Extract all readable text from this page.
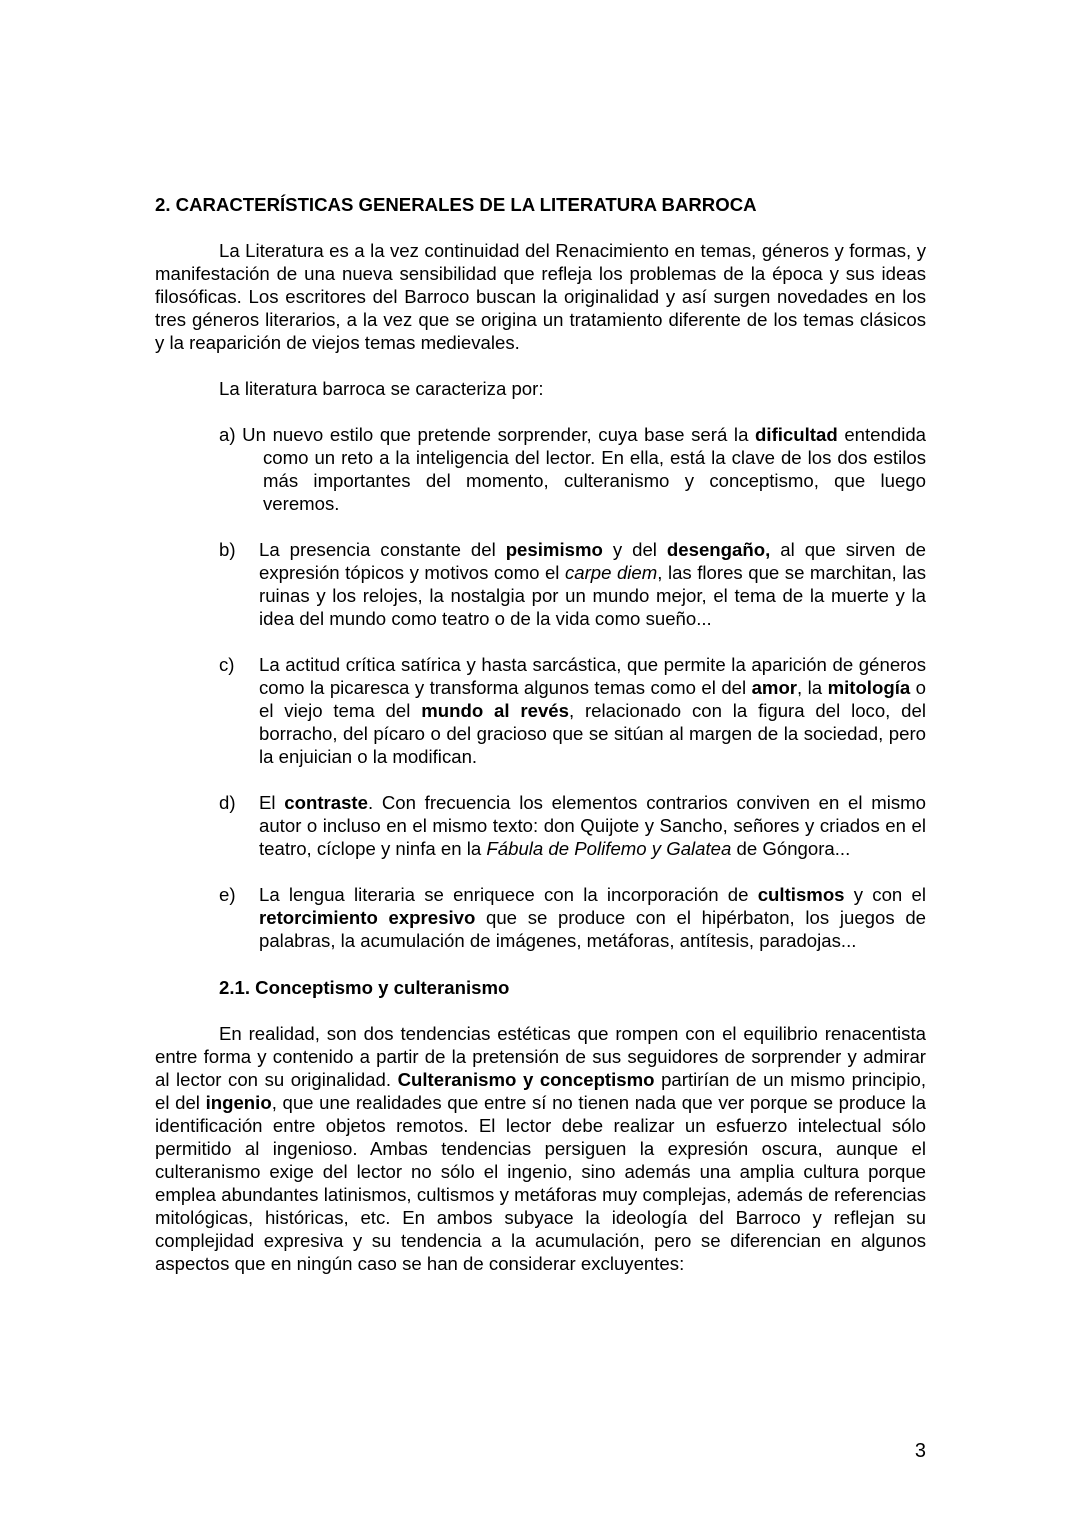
2. CARACTERÍSTICAS GENERALES DE LA LITERATURA BARROCA

La Literatura es a la vez continuidad del Renacimiento en temas, géneros y formas, y manifestación de una nueva sensibilidad que refleja los problemas de la época y sus ideas filosóficas. Los escritores del Barroco buscan la originalidad y así surgen novedades en los tres géneros literarios, a la vez que se origina un tratamiento diferente de los temas clásicos y la reaparición de viejos temas medievales.

La literatura barroca se caracteriza por:

a) Un nuevo estilo que pretende sorprender, cuya base será la dificultad entendida como un reto a la inteligencia del lector. En ella, está la clave de los dos estilos más importantes del momento, culteranismo y conceptismo, que luego veremos.
b)	La presencia constante del pesimismo y del desengaño, al que sirven de expresión tópicos y motivos como el carpe diem, las flores que se marchitan, las ruinas y los relojes, la nostalgia por un mundo mejor, el tema de la muerte y la idea del mundo como teatro o de la vida como sueño...
c)	La actitud crítica satírica y hasta sarcástica, que permite la aparición de géneros como la picaresca y transforma algunos temas como el del amor, la mitología o el viejo tema del mundo al revés, relacionado con la figura del loco, del borracho, del pícaro o del gracioso que se sitúan al margen de la sociedad, pero la enjuician o la modifican.
d)	El contraste. Con frecuencia los elementos contrarios conviven en el mismo autor o incluso en el mismo texto: don Quijote y Sancho, señores y criados en el teatro, cíclope y ninfa en la Fábula de Polifemo y Galatea de Góngora...
e)	La lengua literaria se enriquece con la incorporación de cultismos y con el retorcimiento expresivo que se produce con el hipérbaton, los juegos de palabras, la acumulación de imágenes, metáforas, antítesis, paradojas...

2.1. Conceptismo y culteranismo

En realidad, son dos tendencias estéticas que rompen con el equilibrio renacentista entre forma y contenido a partir de la pretensión de sus seguidores de sorprender y admirar al lector con su originalidad. Culteranismo y conceptismo partirían de un mismo principio, el del ingenio, que une realidades que entre sí no tienen nada que ver porque se produce la identificación entre objetos remotos. El lector debe realizar un esfuerzo intelectual sólo permitido al ingenioso. Ambas tendencias persiguen la expresión oscura, aunque el culteranismo exige del lector no sólo el ingenio, sino además una amplia cultura porque emplea abundantes latinismos, cultismos y metáforas muy complejas, además de referencias mitológicas, históricas, etc. En ambos subyace la ideología del Barroco y reflejan su complejidad expresiva y su tendencia a la acumulación, pero se diferencian en algunos aspectos que en ningún caso se han de considerar excluyentes:

3
